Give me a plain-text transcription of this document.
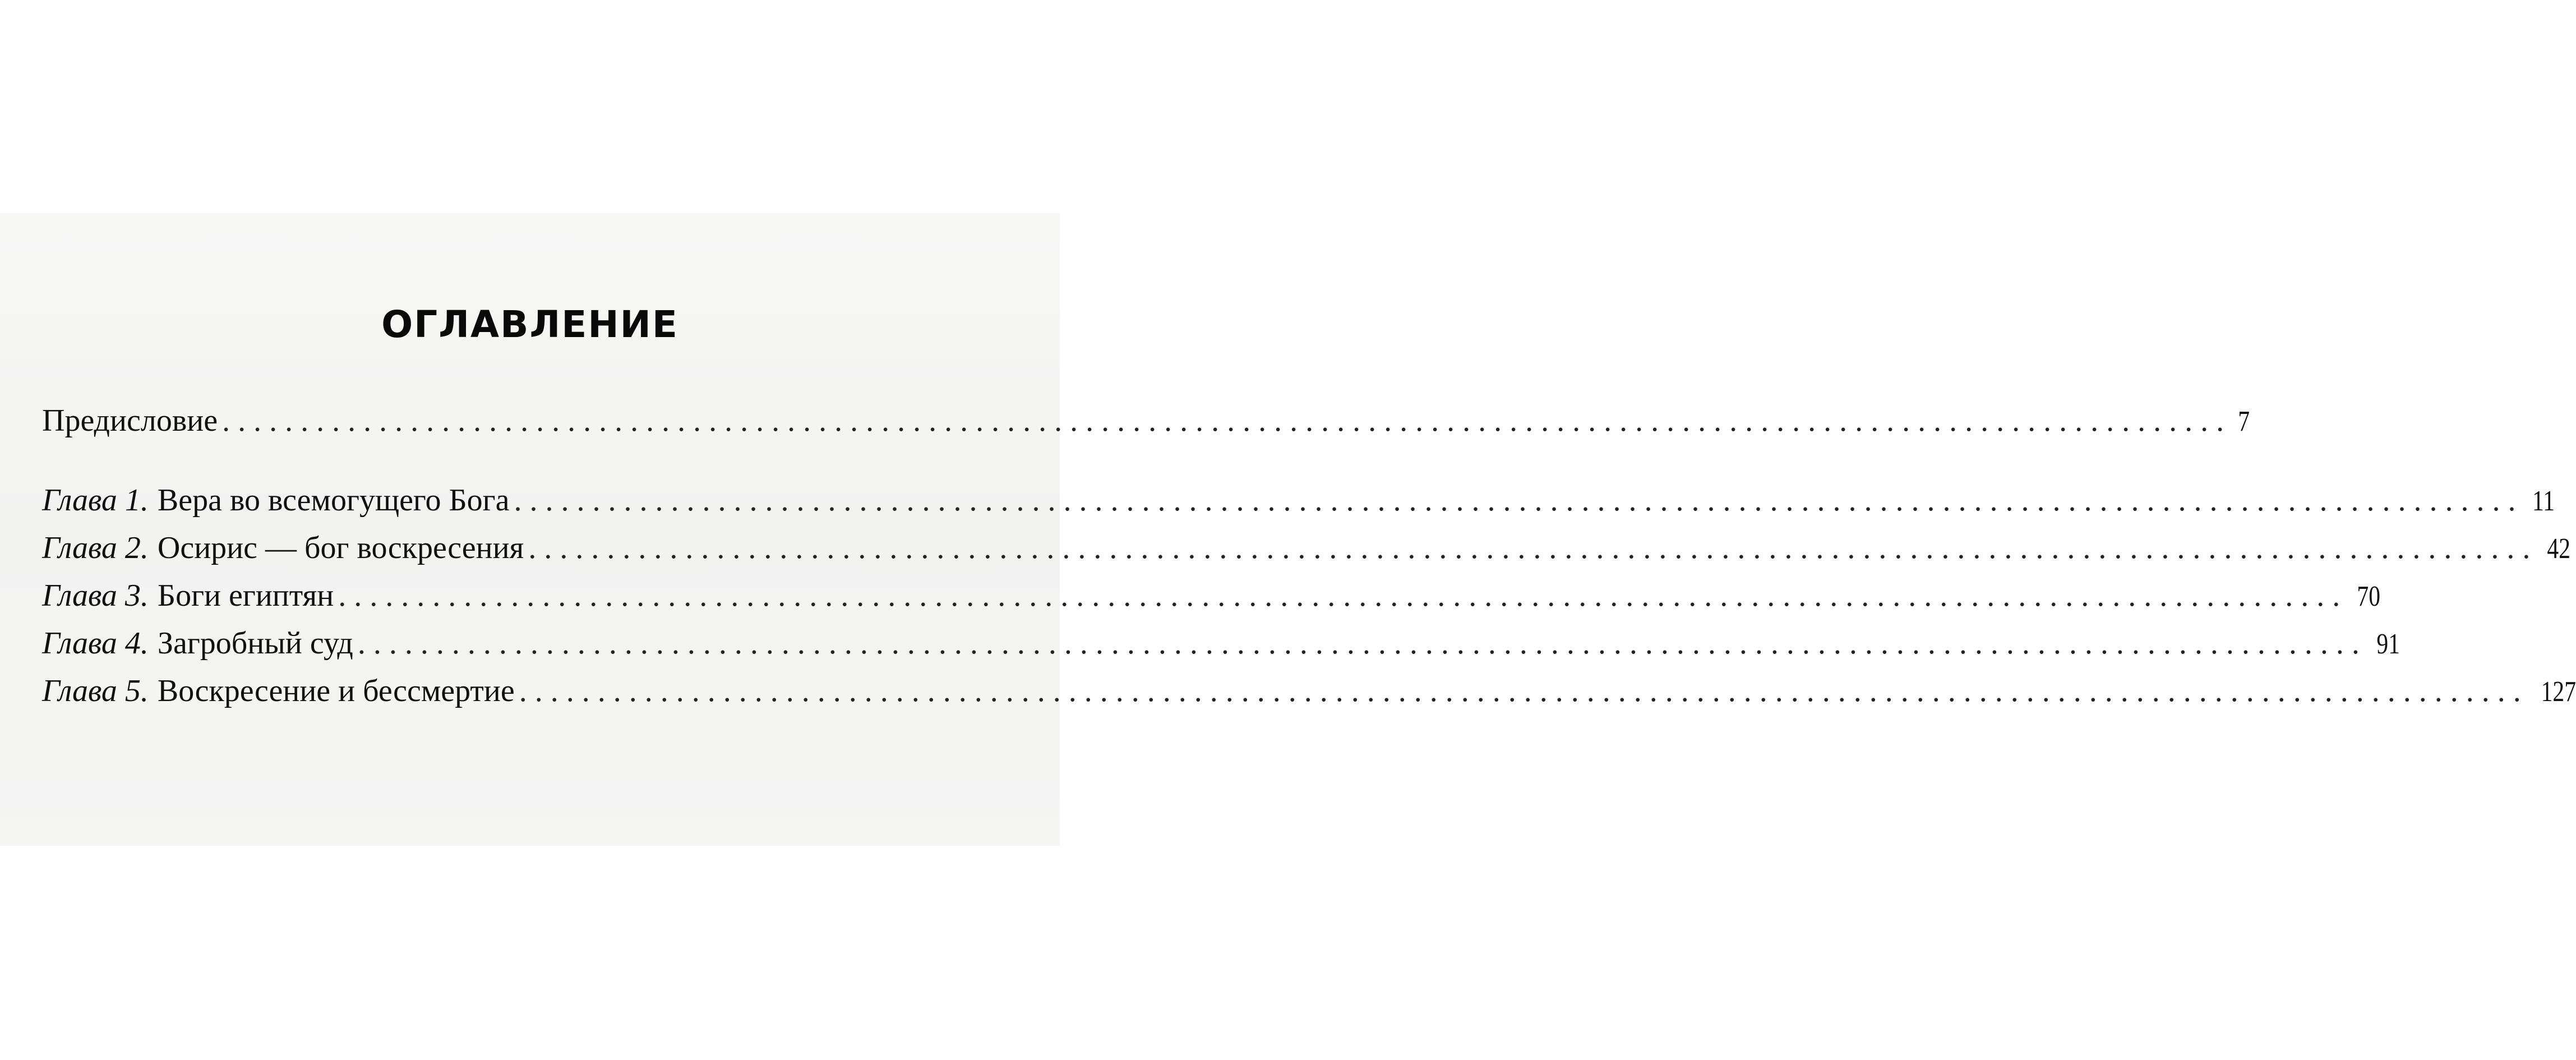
ОГЛАВЛЕНИЕ
Предисловие ................................................................................................................................ 7
Глава 1. Вера во всемогущего Бога ................................................................................................................................ 11
Глава 2. Осирис — бог воскресения ................................................................................................................................ 42
Глава 3. Боги египтян ................................................................................................................................ 70
Глава 4. Загробный суд ................................................................................................................................ 91
Глава 5. Воскресение и бессмертие ................................................................................................................................ 127
